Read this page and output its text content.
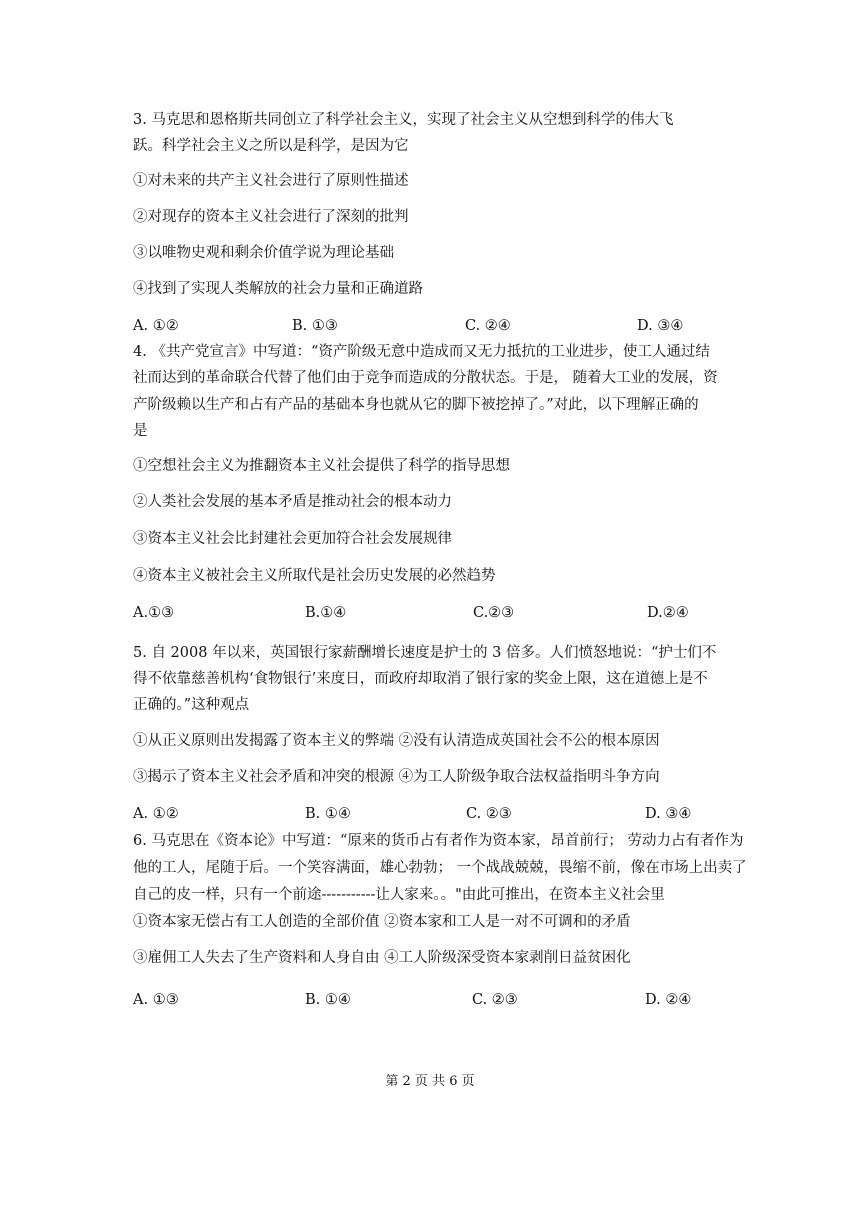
3. 马克思和恩格斯共同创立了科学社会主义，实现了社会主义从空想到科学的伟大飞
跃。科学社会主义之所以是科学，是因为它
①对未来的共产主义社会进行了原则性描述
②对现存的资本主义社会进行了深刻的批判
③以唯物史观和剩余价值学说为理论基础
④找到了实现人类解放的社会力量和正确道路
A. ①②	B. ①③	C. ②④	D. ③④
4. 《共产党宣言》中写道：“资产阶级无意中造成而又无力抵抗的工业进步，使工人通过结
社而达到的革命联合代替了他们由于竞争而造成的分散状态。于是， 随着大工业的发展，资
产阶级赖以生产和占有产品的基础本身也就从它的脚下被挖掉了。”对此，以下理解正确的
是
①空想社会主义为推翻资本主义社会提供了科学的指导思想
②人类社会发展的基本矛盾是推动社会的根本动力
③资本主义社会比封建社会更加符合社会发展规律
④资本主义被社会主义所取代是社会历史发展的必然趋势
A.①③	B.①④	C.②③	D.②④
5. 自 2008 年以来，英国银行家薪酬增长速度是护士的 3 倍多。人们愤怒地说：“护士们不
得不依靠慈善机构‘食物银行’来度日，而政府却取消了银行家的奖金上限，这在道德上是不
正确的。”这种观点
①从正义原则出发揭露了资本主义的弊端 ②没有认清造成英国社会不公的根本原因
③揭示了资本主义社会矛盾和冲突的根源 ④为工人阶级争取合法权益指明斗争方向
A. ①②	B. ①④	C. ②③	D. ③④
6. 马克思在《资本论》中写道：“原来的货币占有者作为资本家，昂首前行； 劳动力占有者作为
他的工人，尾随于后。一个笑容满面，雄心勃勃； 一个战战兢兢，畏缩不前，像在市场上出卖了
自己的皮一样，只有一个前途-----------让人家来。。"由此可推出，在资本主义社会里
①资本家无偿占有工人创造的全部价值 ②资本家和工人是一对不可调和的矛盾
③雇佣工人失去了生产资料和人身自由 ④工人阶级深受资本家剥削日益贫困化
A. ①③	B. ①④	C. ②③	D. ②④
第 2 页 共 6 页
